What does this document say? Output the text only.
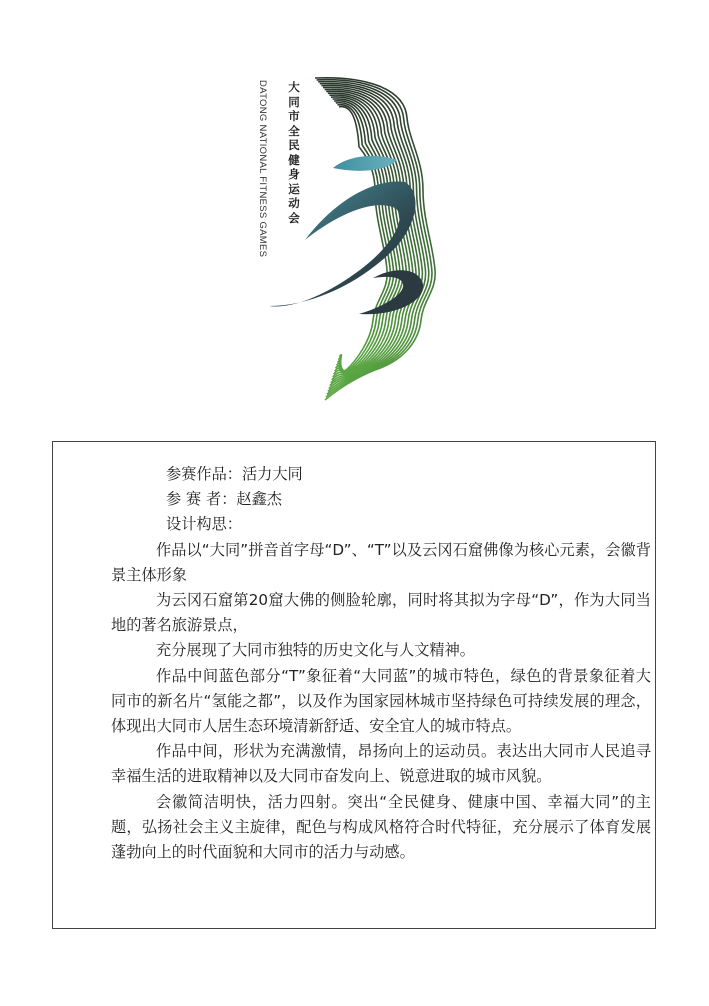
大同市全民健身运动会
DATONG NATIONAL FITNESS GAMES
参赛作品：活力大同
参 赛 者：赵鑫杰
设计构思：
作品以“大同”拼音首字母“D”、“T”以及云冈石窟佛像为核心元素，会徽背景主体形象
为云冈石窟第20窟大佛的侧脸轮廓，同时将其拟为字母“D”，作为大同当地的著名旅游景点，
充分展现了大同市独特的历史文化与人文精神。
作品中间蓝色部分“T”象征着“大同蓝”的城市特色，绿色的背景象征着大同市的新名片“氢能之都”，以及作为国家园林城市坚持绿色可持续发展的理念，体现出大同市人居生态环境清新舒适、安全宜人的城市特点。
作品中间，形状为充满激情，昂扬向上的运动员。表达出大同市人民追寻幸福生活的进取精神以及大同市奋发向上、锐意进取的城市风貌。
会徽简洁明快，活力四射。突出“全民健身、健康中国、幸福大同”的主题，弘扬社会主义主旋律，配色与构成风格符合时代特征，充分展示了体育发展蓬勃向上的时代面貌和大同市的活力与动感。
